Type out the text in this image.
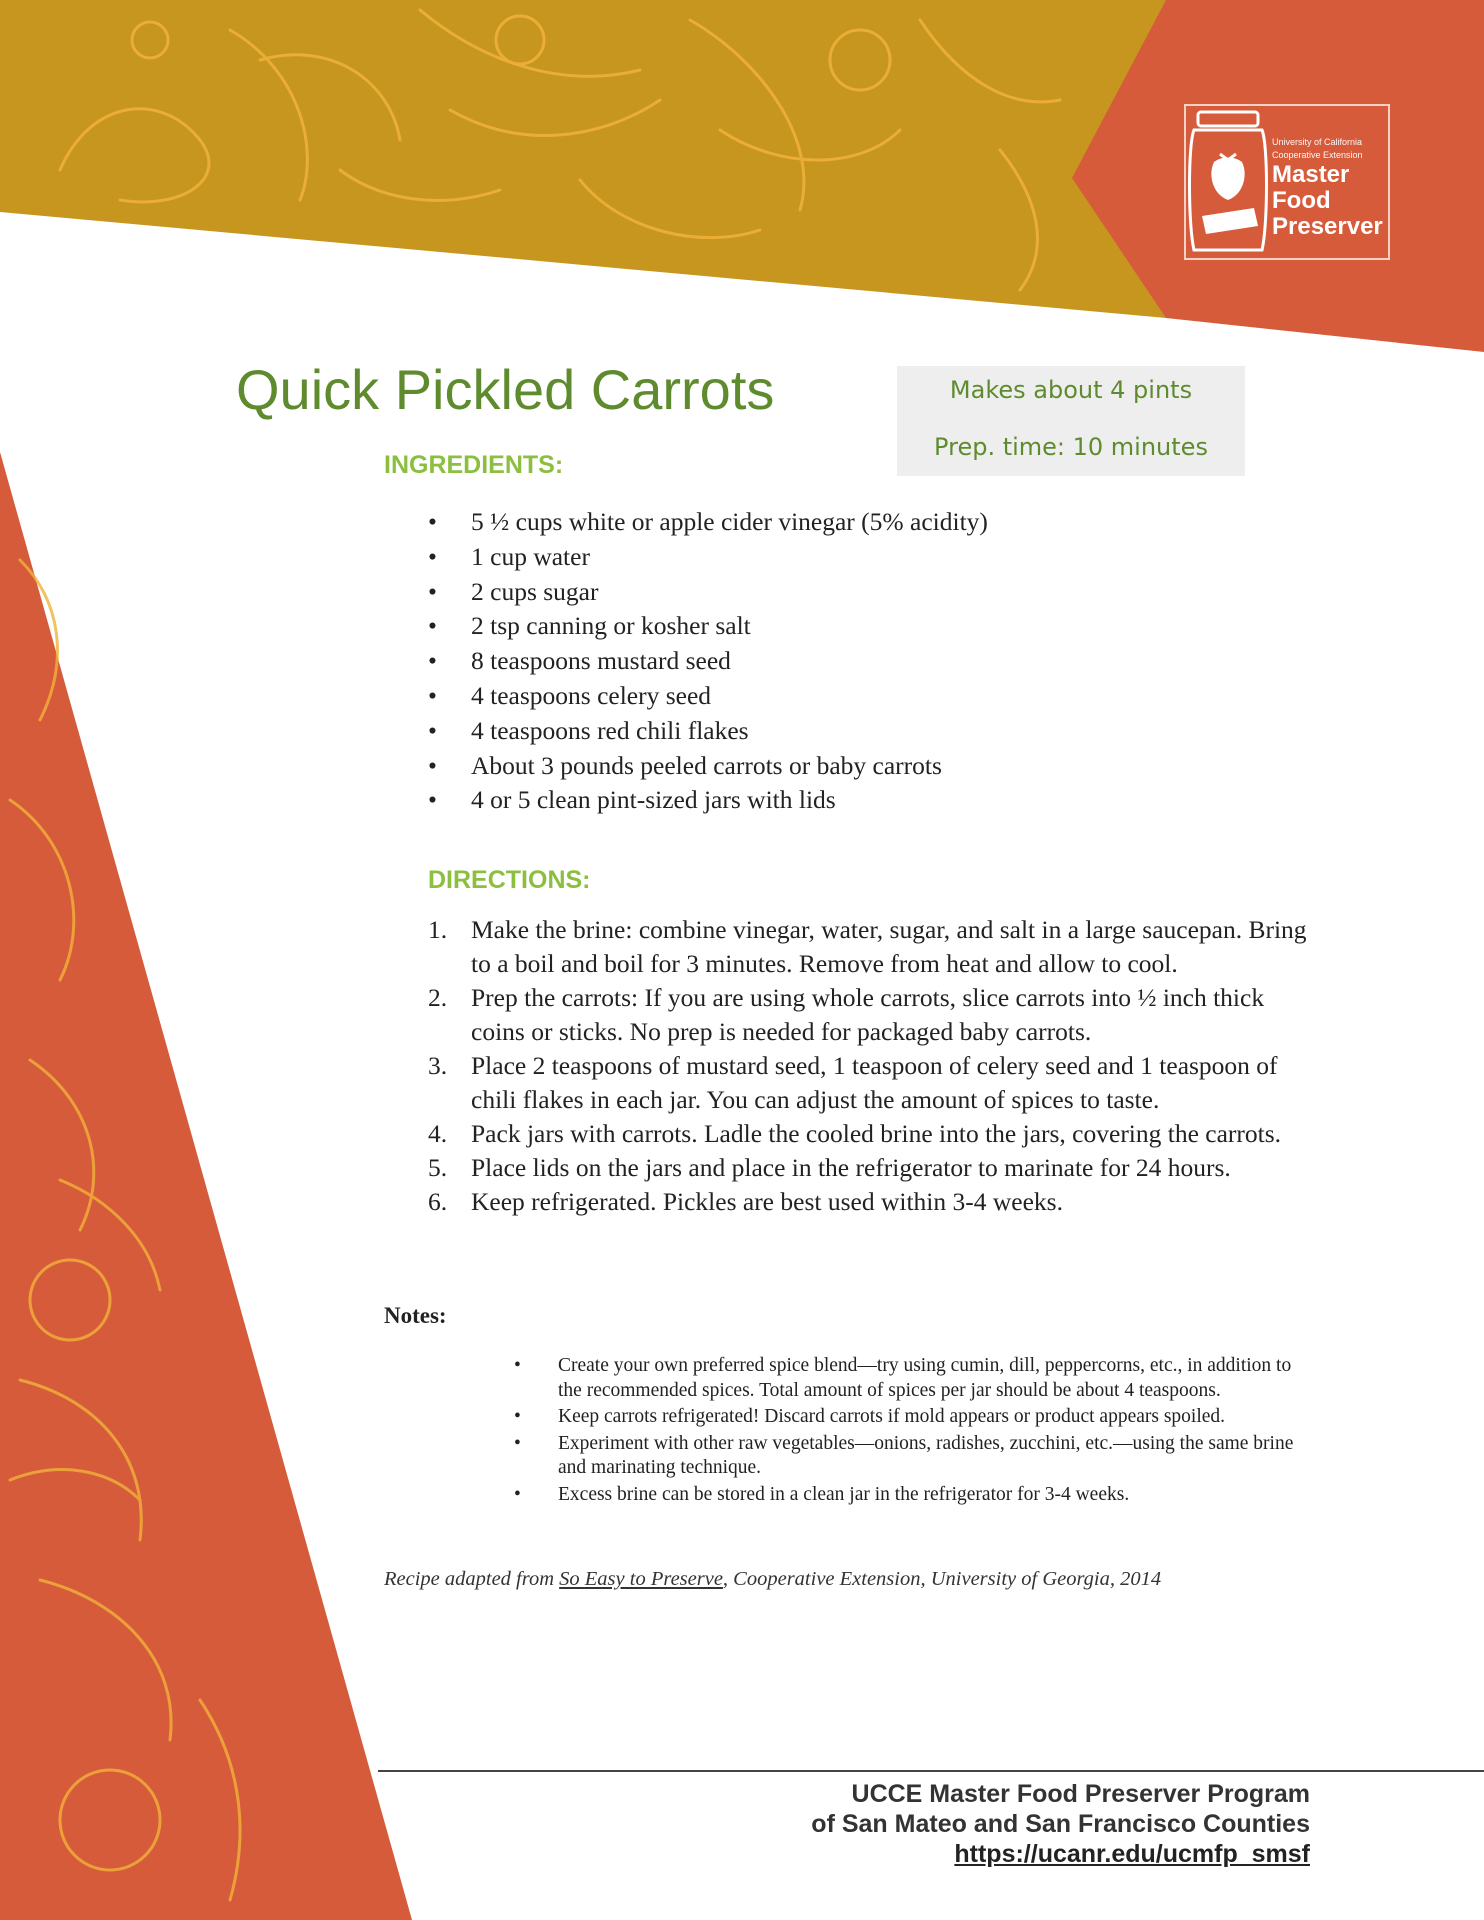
University of California
Cooperative Extension
Master
Food
Preserver
Quick Pickled Carrots	Makes about 4 pints
Prep. time: 10 minutes
INGREDIENTS:
• 5 ½ cups white or apple cider vinegar (5% acidity)
• 1 cup water
• 2 cups sugar
• 2 tsp canning or kosher salt
• 8 teaspoons mustard seed
• 4 teaspoons celery seed
• 4 teaspoons red chili flakes
• About 3 pounds peeled carrots or baby carrots
• 4 or 5 clean pint-sized jars with lids
DIRECTIONS:
1. Make the brine: combine vinegar, water, sugar, and salt in a large saucepan. Bring to a boil and boil for 3 minutes. Remove from heat and allow to cool.
2. Prep the carrots: If you are using whole carrots, slice carrots into ½ inch thick coins or sticks. No prep is needed for packaged baby carrots.
3. Place 2 teaspoons of mustard seed, 1 teaspoon of celery seed and 1 teaspoon of chili flakes in each jar. You can adjust the amount of spices to taste.
4. Pack jars with carrots. Ladle the cooled brine into the jars, covering the carrots.
5. Place lids on the jars and place in the refrigerator to marinate for 24 hours.
6. Keep refrigerated. Pickles are best used within 3-4 weeks.
Notes:
• Create your own preferred spice blend—try using cumin, dill, peppercorns, etc., in addition to the recommended spices. Total amount of spices per jar should be about 4 teaspoons.
• Keep carrots refrigerated! Discard carrots if mold appears or product appears spoiled.
• Experiment with other raw vegetables—onions, radishes, zucchini, etc.—using the same brine and marinating technique.
• Excess brine can be stored in a clean jar in the refrigerator for 3-4 weeks.
Recipe adapted from So Easy to Preserve, Cooperative Extension, University of Georgia, 2014
UCCE Master Food Preserver Program
of San Mateo and San Francisco Counties
https://ucanr.edu/ucmfp_smsf
